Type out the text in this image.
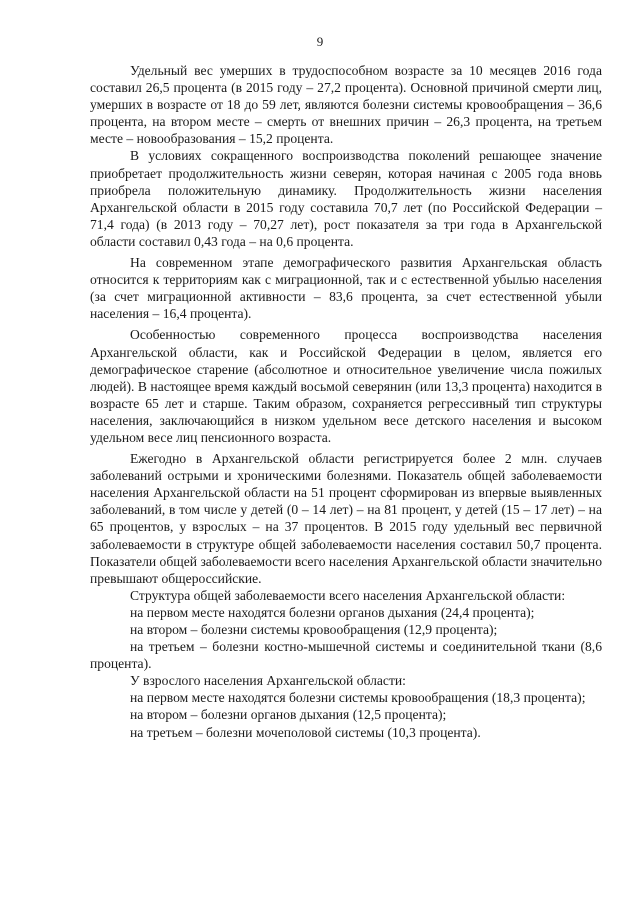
9

Удельный вес умерших в трудоспособном возрасте за 10 месяцев 2016 года составил 26,5 процента (в 2015 году – 27,2 процента). Основной причиной смерти лиц, умерших в возрасте от 18 до 59 лет, являются болезни системы кровообращения – 36,6 процента, на втором месте – смерть от внешних причин – 26,3 процента, на третьем месте – новообразования – 15,2 процента.

В условиях сокращенного воспроизводства поколений решающее значение приобретает продолжительность жизни северян, которая начиная с 2005 года вновь приобрела положительную динамику. Продолжительность жизни населения Архангельской области в 2015 году составила 70,7 лет (по Российской Федерации – 71,4 года) (в 2013 году – 70,27 лет), рост показателя за три года в Архангельской области составил 0,43 года – на 0,6 процента.

На современном этапе демографического развития Архангельская область относится к территориям как с миграционной, так и с естественной убылью населения (за счет миграционной активности – 83,6 процента, за счет естественной убыли населения – 16,4 процента).

Особенностью современного процесса воспроизводства населения Архангельской области, как и Российской Федерации в целом, является его демографическое старение (абсолютное и относительное увеличение числа пожилых людей). В настоящее время каждый восьмой северянин (или 13,3 процента) находится в возрасте 65 лет и старше. Таким образом, сохраняется регрессивный тип структуры населения, заключающийся в низком удельном весе детского населения и высоком удельном весе лиц пенсионного возраста.

Ежегодно в Архангельской области регистрируется более 2 млн. случаев заболеваний острыми и хроническими болезнями. Показатель общей заболеваемости населения Архангельской области на 51 процент сформирован из впервые выявленных заболеваний, в том числе у детей (0 – 14 лет) – на 81 процент, у детей (15 – 17 лет) – на 65 процентов, у взрослых – на 37 процентов. В 2015 году удельный вес первичной заболеваемости в структуре общей заболеваемости населения составил 50,7 процента. Показатели общей заболеваемости всего населения Архангельской области значительно превышают общероссийские.

Структура общей заболеваемости всего населения Архангельской области:

на первом месте находятся болезни органов дыхания (24,4 процента);

на втором – болезни системы кровообращения (12,9 процента);

на третьем – болезни костно-мышечной системы и соединительной ткани (8,6 процента).

У взрослого населения Архангельской области:

на первом месте находятся болезни системы кровообращения (18,3 процента);

на втором – болезни органов дыхания (12,5 процента);

на третьем – болезни мочеполовой системы (10,3 процента).
